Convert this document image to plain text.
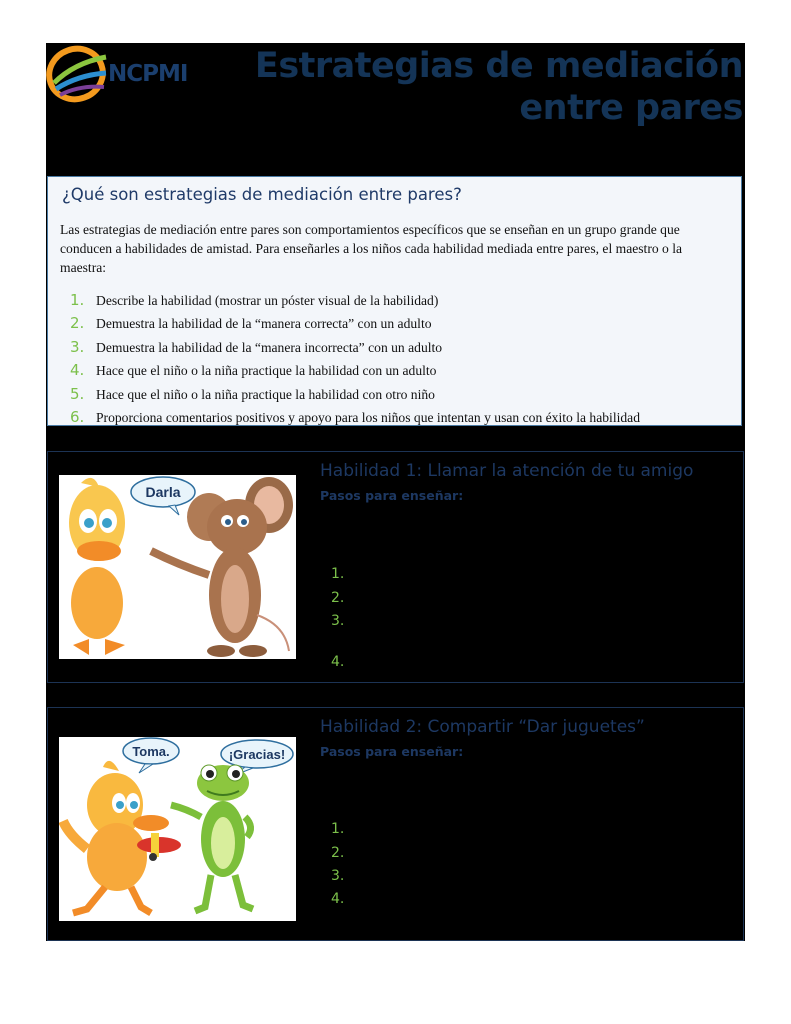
NCPMI Estrategias de mediación
entre pares
¿Qué son estrategias de mediación entre pares?
Las estrategias de mediación entre pares son comportamientos específicos que se enseñan en un grupo grande que conducen a habilidades de amistad. Para enseñarles a los niños cada habilidad mediada entre pares, el maestro o la maestra:
1. Describe la habilidad (mostrar un póster visual de la habilidad)
2. Demuestra la habilidad de la “manera correcta” con un adulto
3. Demuestra la habilidad de la “manera incorrecta” con un adulto
4. Hace que el niño o la niña practique la habilidad con un adulto
5. Hace que el niño o la niña practique la habilidad con otro niño
6. Proporciona comentarios positivos y apoyo para los niños que intentan y usan con éxito la habilidad
Darla
Habilidad 1: Llamar la atención de tu amigo
Pasos para enseñar:
1.
2.
3.
4.
Toma.	¡Gracias!
Habilidad 2: Compartir “Dar juguetes”
Pasos para enseñar:
1.
2.
3.
4.
